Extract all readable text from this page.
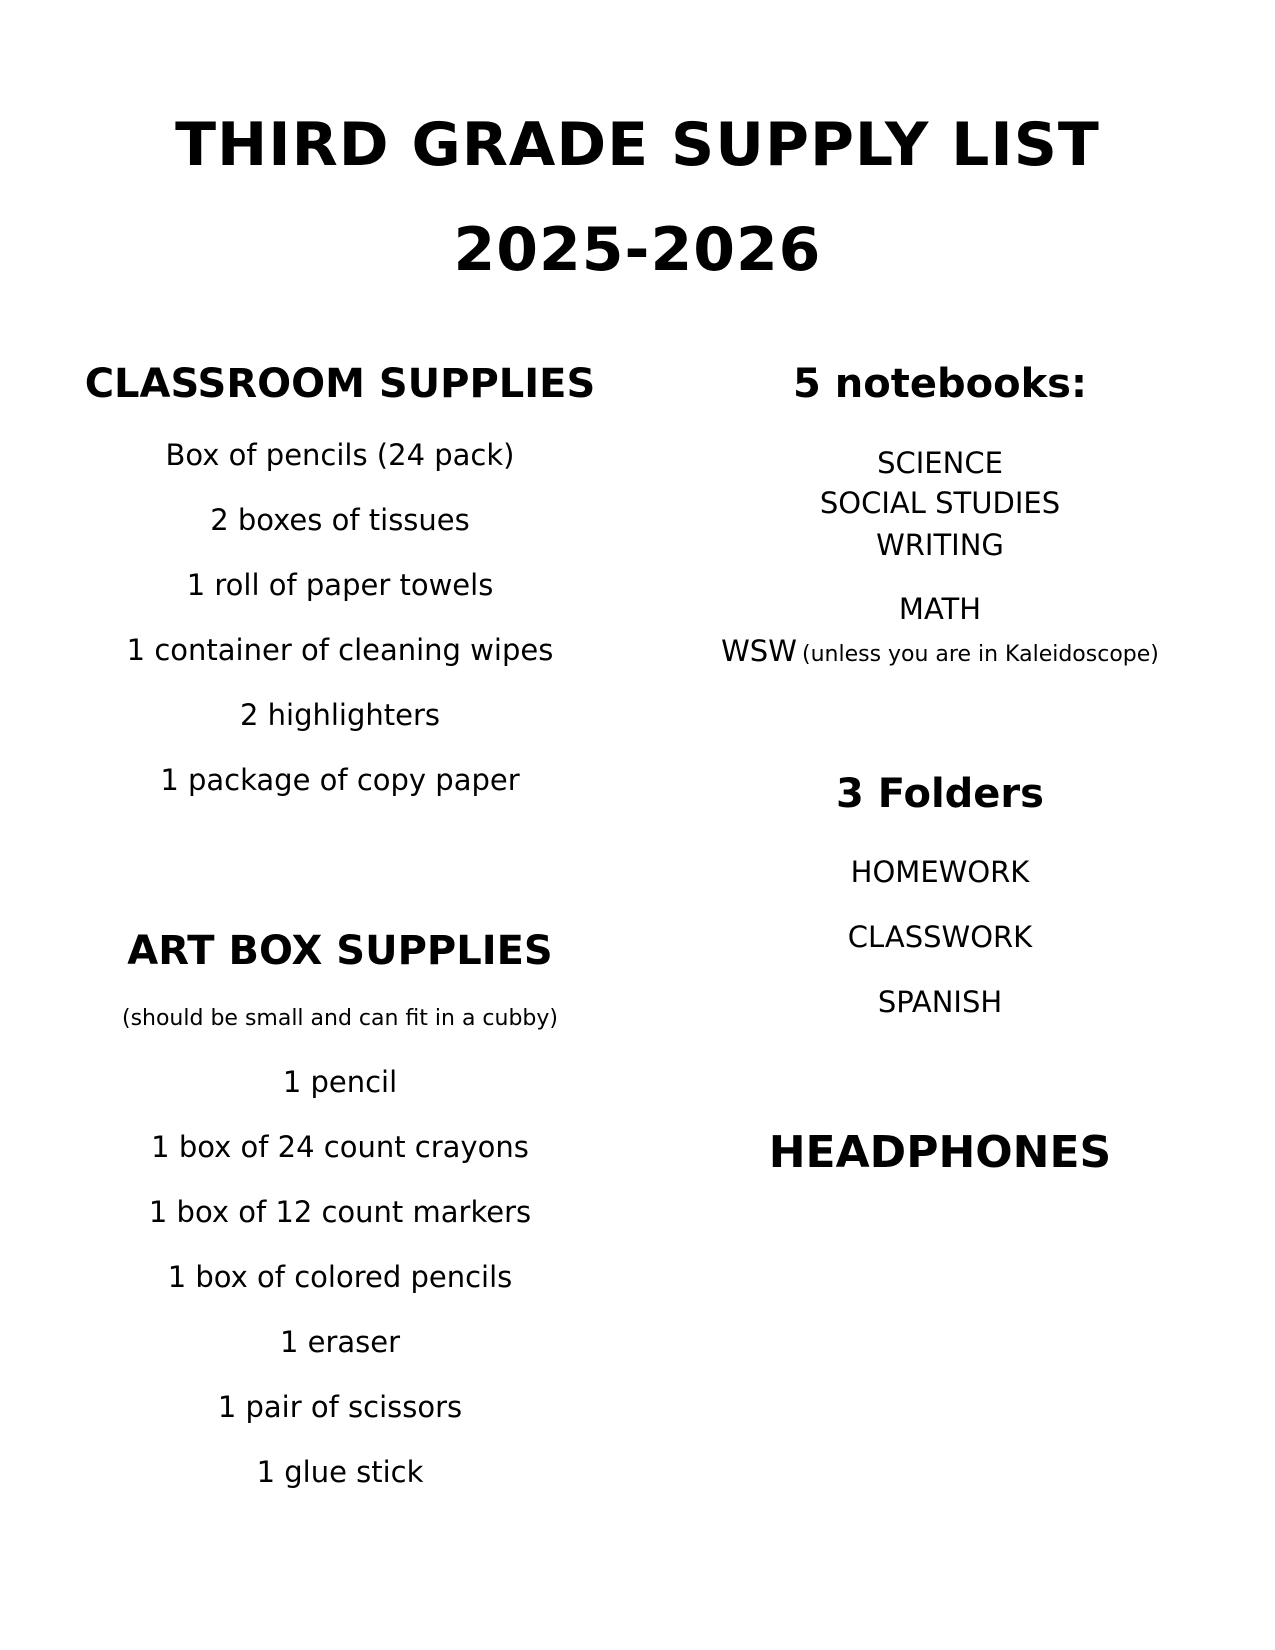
THIRD GRADE SUPPLY LIST
2025-2026
CLASSROOM SUPPLIES
Box of pencils (24 pack)
2 boxes of tissues
1 roll of paper towels
1 container of cleaning wipes
2 highlighters
1 package of copy paper
ART BOX SUPPLIES
(should be small and can fit in a cubby)
1 pencil
1 box of 24 count crayons
1 box of 12 count markers
1 box of colored pencils
1 eraser
1 pair of scissors
1 glue stick
5 notebooks:
SCIENCE
SOCIAL STUDIES
WRITING
MATH
WSW (unless you are in Kaleidoscope)
3 Folders
HOMEWORK
CLASSWORK
SPANISH
HEADPHONES
